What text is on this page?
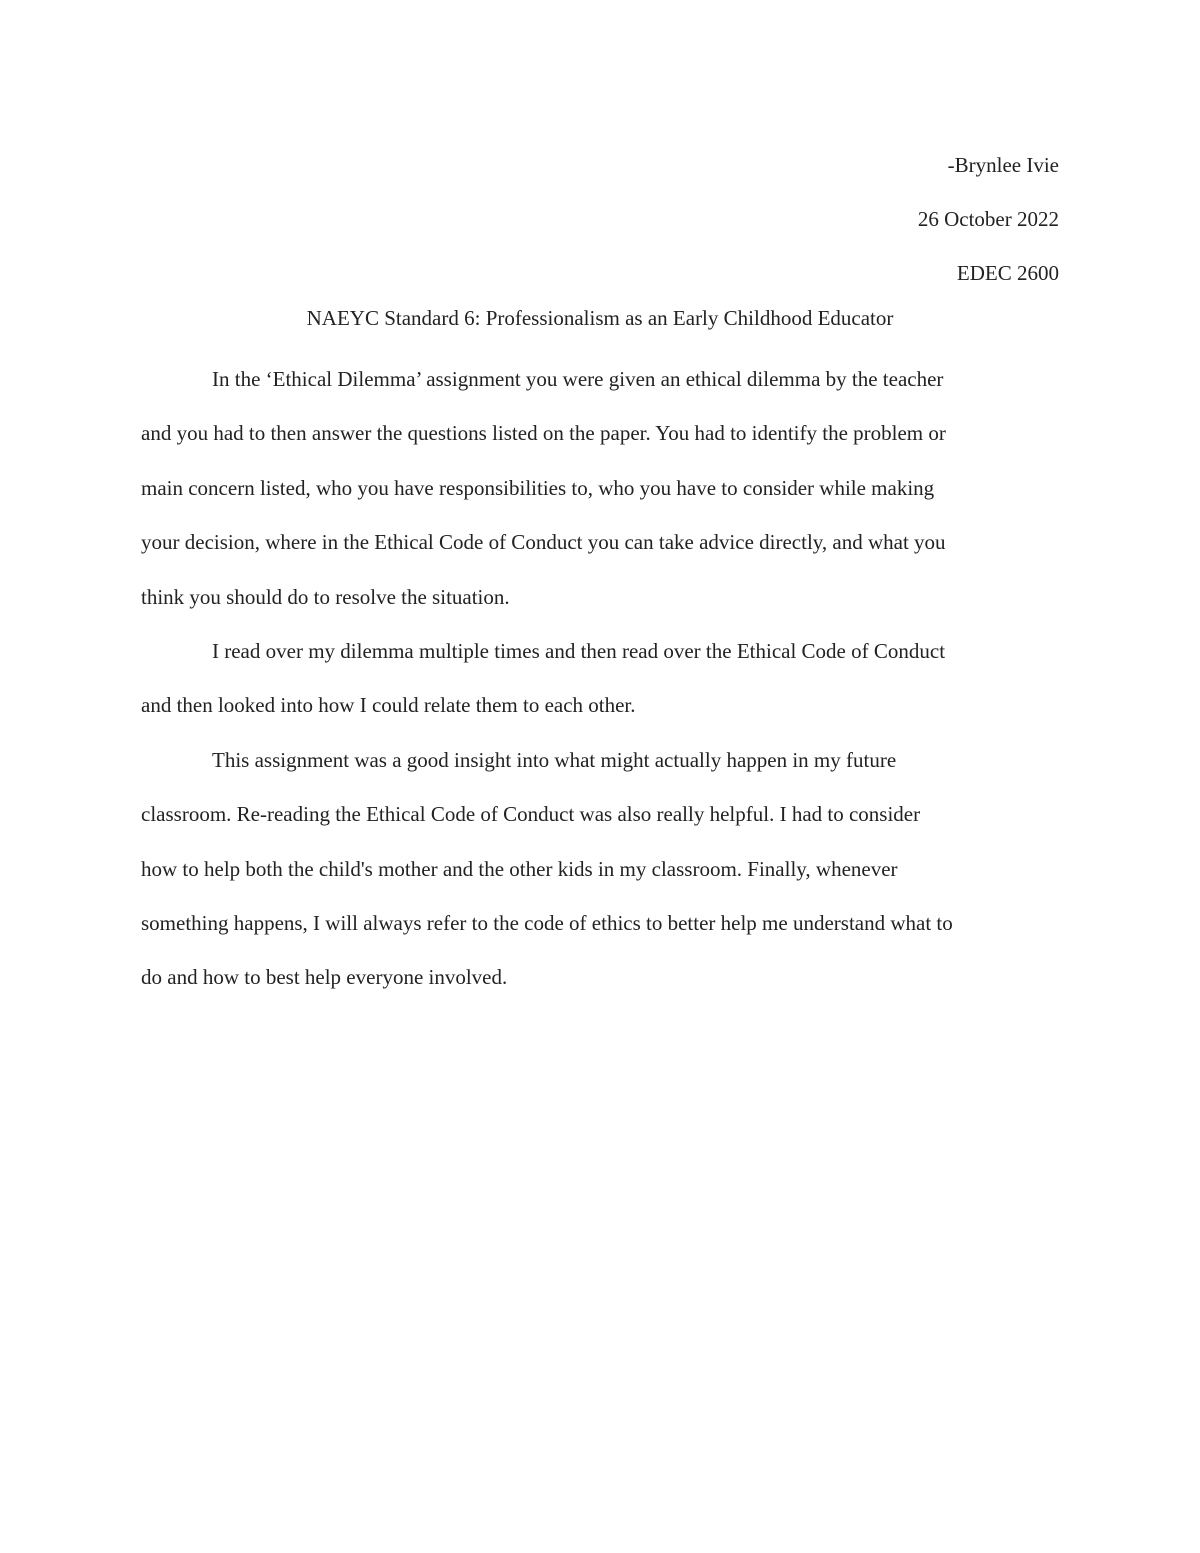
-Brynlee Ivie
26 October 2022
EDEC 2600
NAEYC Standard 6: Professionalism as an Early Childhood Educator

In the ‘Ethical Dilemma’ assignment you were given an ethical dilemma by the teacher
and you had to then answer the questions listed on the paper. You had to identify the problem or
main concern listed, who you have responsibilities to, who you have to consider while making
your decision, where in the Ethical Code of Conduct you can take advice directly, and what you
think you should do to resolve the situation.

I read over my dilemma multiple times and then read over the Ethical Code of Conduct
and then looked into how I could relate them to each other.

This assignment was a good insight into what might actually happen in my future
classroom. Re-reading the Ethical Code of Conduct was also really helpful. I had to consider
how to help both the child's mother and the other kids in my classroom. Finally, whenever
something happens, I will always refer to the code of ethics to better help me understand what to
do and how to best help everyone involved.
